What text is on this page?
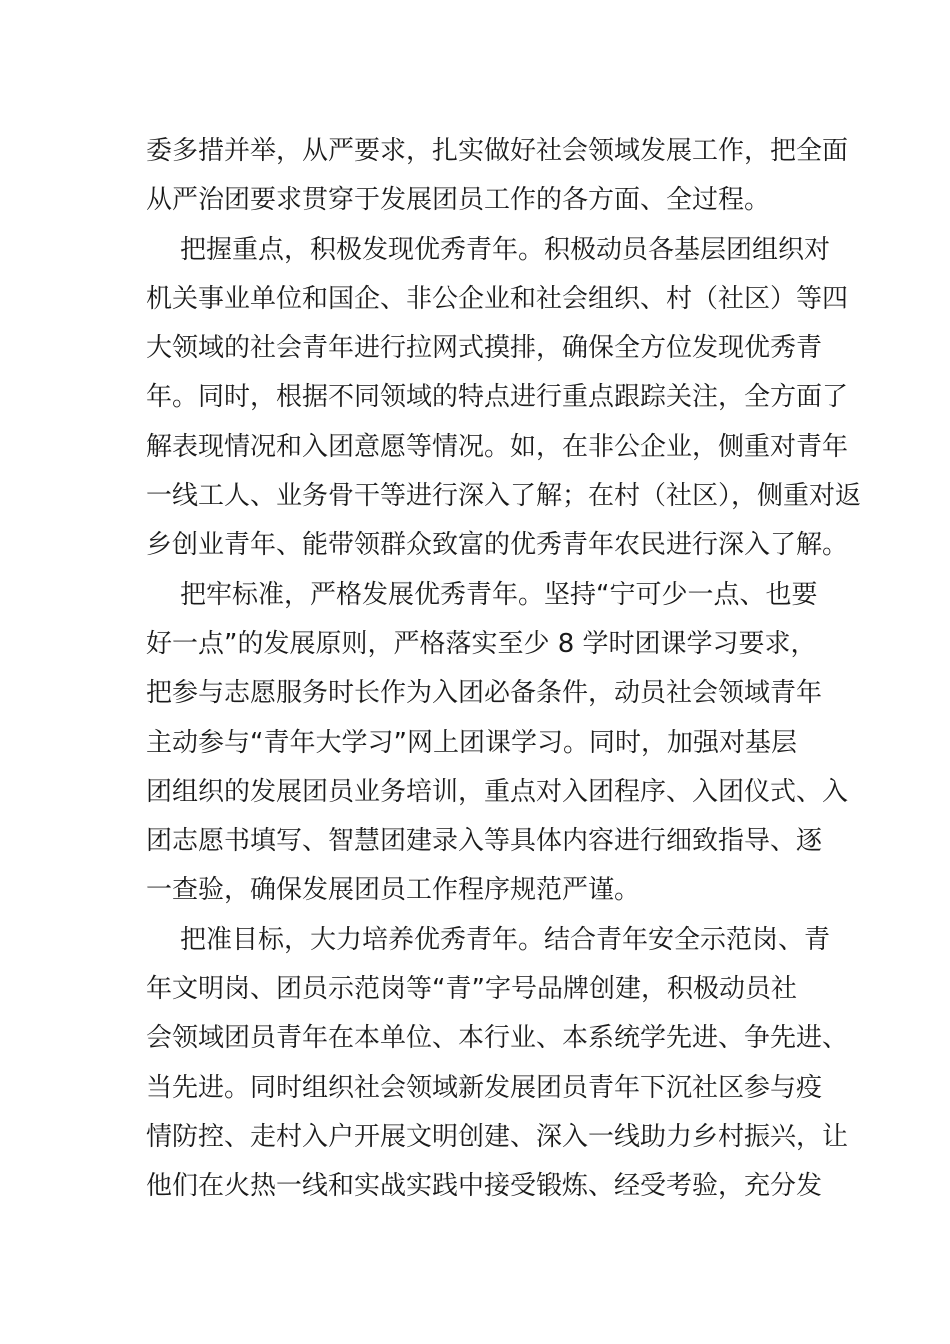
委多措并举，从严要求，扎实做好社会领域发展工作，把全面
从严治团要求贯穿于发展团员工作的各方面、全过程。
把握重点，积极发现优秀青年。积极动员各基层团组织对
机关事业单位和国企、非公企业和社会组织、村（社区）等四
大领域的社会青年进行拉网式摸排，确保全方位发现优秀青
年。同时，根据不同领域的特点进行重点跟踪关注，全方面了
解表现情况和入团意愿等情况。如，在非公企业，侧重对青年
一线工人、业务骨干等进行深入了解；在村（社区），侧重对返
乡创业青年、能带领群众致富的优秀青年农民进行深入了解。
把牢标准，严格发展优秀青年。坚持“宁可少一点、也要
好一点”的发展原则，严格落实至少 8 学时团课学习要求，
把参与志愿服务时长作为入团必备条件，动员社会领域青年
主动参与“青年大学习”网上团课学习。同时，加强对基层
团组织的发展团员业务培训，重点对入团程序、入团仪式、入
团志愿书填写、智慧团建录入等具体内容进行细致指导、逐
一查验，确保发展团员工作程序规范严谨。
把准目标，大力培养优秀青年。结合青年安全示范岗、青
年文明岗、团员示范岗等“青”字号品牌创建，积极动员社
会领域团员青年在本单位、本行业、本系统学先进、争先进、
当先进。同时组织社会领域新发展团员青年下沉社区参与疫
情防控、走村入户开展文明创建、深入一线助力乡村振兴，让
他们在火热一线和实战实践中接受锻炼、经受考验，充分发
